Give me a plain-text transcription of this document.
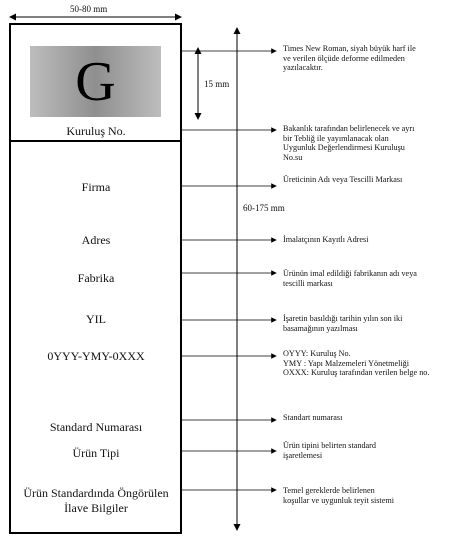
50-80 mm
15 mm
60-175 mm
G
Kuruluş No.
Firma
Adres
Fabrika
YIL
0YYY-YMY-0XXX
Standard Numarası
Ürün Tipi
Ürün Standardında Öngörülen
İlave Bilgiler
Times New Roman, siyah büyük harf ile
ve verilen ölçüde deforme edilmeden
yazılacaktır.
Bakanlık tarafından belirlenecek ve ayrı
bir Tebliğ ile yayımlanacak olan
Uygunluk Değerlendirmesi Kuruluşu
No.su
Üreticinin Adı veya Tescilli Markası
İmalatçının Kayıtlı Adresi
Ürünün imal edildiği fabrikanın adı veya
tescilli markası
İşaretin basıldığı tarihin yılın son iki
basamağının yazılması
OYYY: Kuruluş No.
YMY : Yapı Malzemeleri Yönetmeliği
OXXX: Kuruluş tarafından verilen belge no.
Standart numarası
Ürün tipini belirten standard
işaretlemesi
Temel gereklerde belirlenen
koşullar ve uygunluk teyit sistemi
